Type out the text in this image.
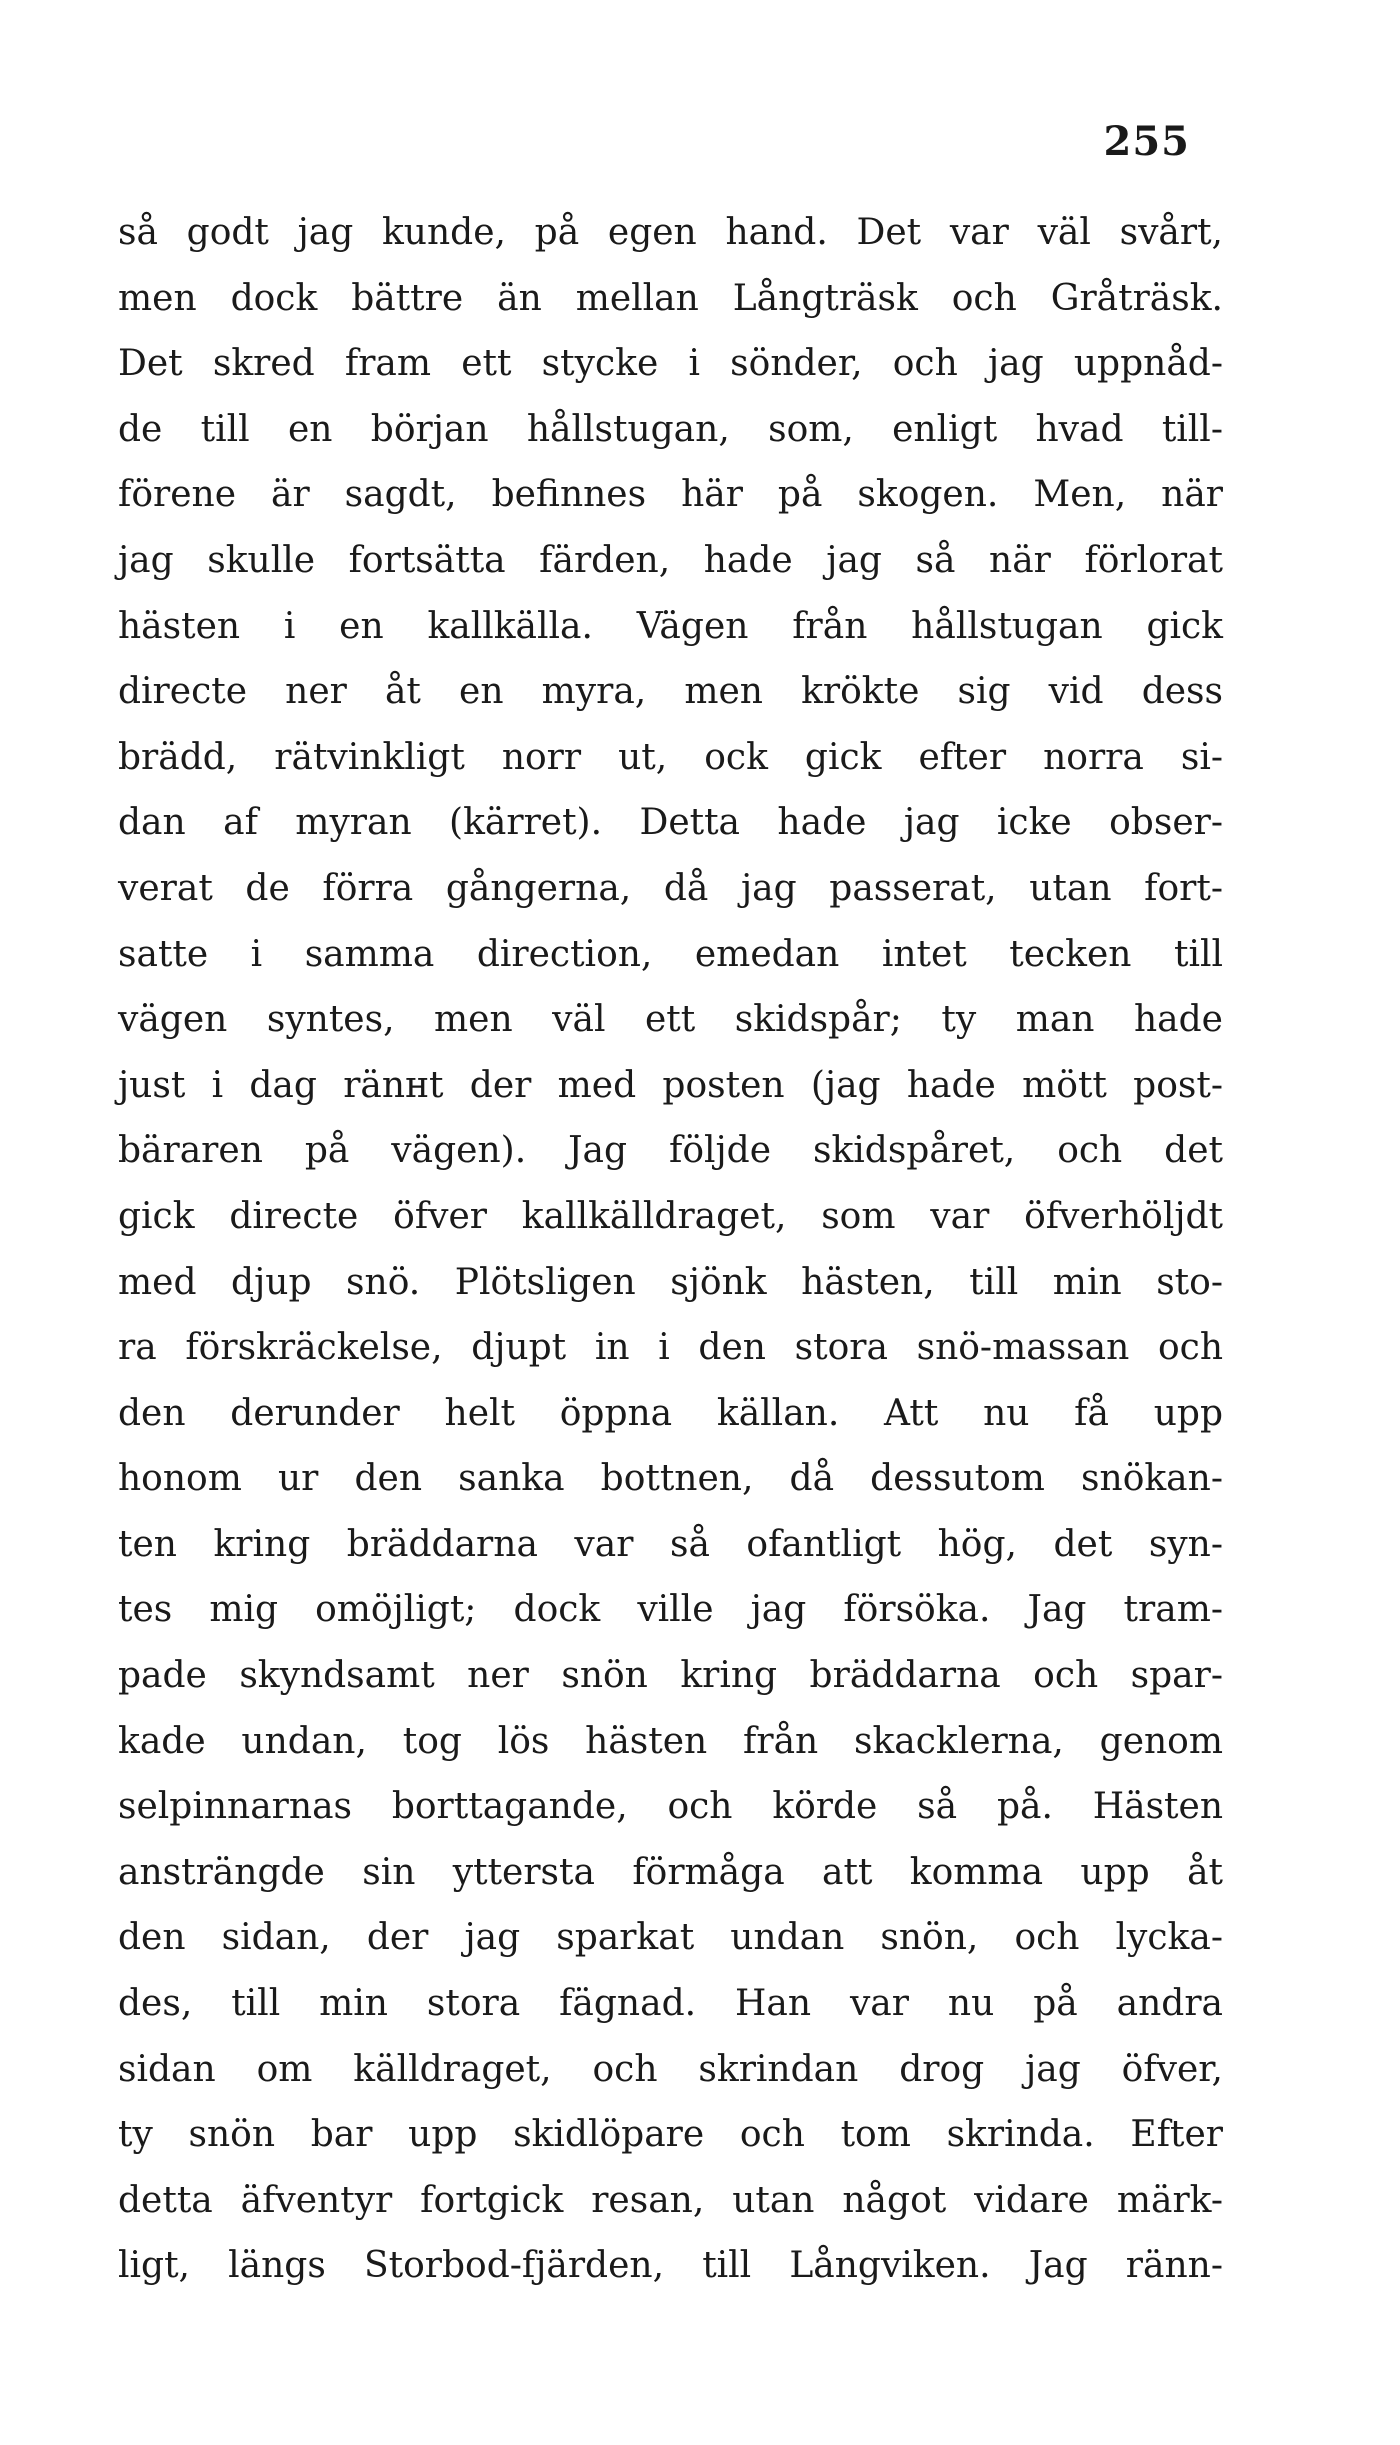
255
så godt jag kunde, på egen hand. Det var väl svårt,
men dock bättre än mellan Långträsk och Gråträsk.
Det skred fram ett stycke i sönder, och jag uppnåd-
de till en början hållstugan, som, enligt hvad till-
förene är sagdt, befinnes här på skogen. Men, när
jag skulle fortsätta färden, hade jag så när förlorat
hästen i en kallkälla. Vägen från hållstugan gick
directe ner åt en myra, men krökte sig vid dess
brädd, rätvinkligt norr ut, ock gick efter norra si-
dan af myran (kärret). Detta hade jag icke obser-
verat de förra gångerna, då jag passerat, utan fort-
satte i samma direction, emedan intet tecken till
vägen syntes, men väl ett skidspår; ty man hade
just i dag ränнt der med posten (jag hade mött post-
bäraren på vägen). Jag följde skidspåret, och det
gick directe öfver kallkälldraget, som var öfverhöljdt
med djup snö. Plötsligen sjönk hästen, till min sto-
ra förskräckelse, djupt in i den stora snö-massan och
den derunder helt öppna källan. Att nu få upp
honom ur den sanka bottnen, då dessutom snökan-
ten kring bräddarna var så ofantligt hög, det syn-
tes mig omöjligt; dock ville jag försöka. Jag tram-
pade skyndsamt ner snön kring bräddarna och spar-
kade undan, tog lös hästen från skacklerna, genom
selpinnarnas borttagande, och körde så på. Hästen
ansträngde sin yttersta förmåga att komma upp åt
den sidan, der jag sparkat undan snön, och lyckа-
des, till min stora fägnad. Han var nu på andra
sidan om källdraget, och skrindan drog jag öfver,
ty snön bar upp skidlöpare och tom skrinda. Efter
detta äfventyr fortgick resan, utan något vidare märk-
ligt, längs Storbod-fjärden, till Långviken. Jag ränn-
